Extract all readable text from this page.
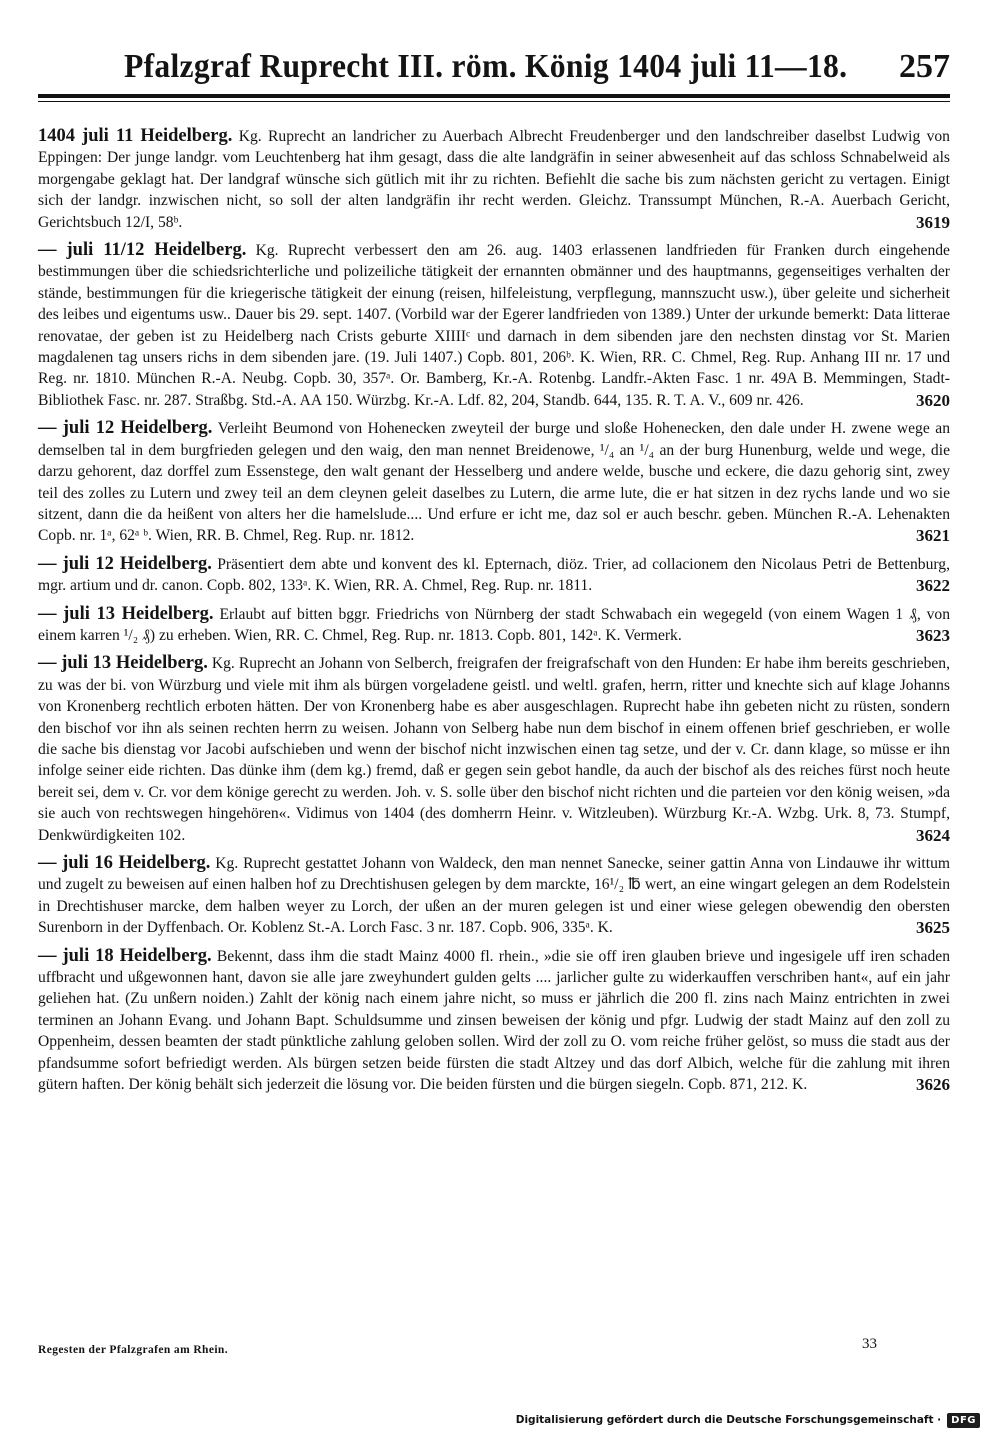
Pfalzgraf Ruprecht III. röm. König 1404 juli 11—18. 257
1404 juli 11 Heidelberg. Kg. Ruprecht an landricher zu Auerbach Albrecht Freudenberger und den landschreiber daselbst Ludwig von Eppingen: Der junge landgr. vom Leuchtenberg hat ihm gesagt, dass die alte landgräfin in seiner abwesenheit auf das schloss Schnabelweid als morgengabe geklagt hat. Der landgraf wünsche sich gütlich mit ihr zu richten. Befiehlt die sache bis zum nächsten gericht zu vertagen. Einigt sich der landgr. inzwischen nicht, so soll der alten landgräfin ihr recht werden. Gleichz. Transsumpt München, R.-A. Auerbach Gericht, Gerichtsbuch 12/I, 58ᵇ.	3619
— juli 11/12 Heidelberg. Kg. Ruprecht verbessert den am 26. aug. 1403 erlassenen landfrieden für Franken durch eingehende bestimmungen über die schiedsrichterliche und polizeiliche tätigkeit der ernannten obmänner und des hauptmanns, gegenseitiges verhalten der stände, bestimmungen für die kriegerische tätigkeit der einung (reisen, hilfeleistung, verpflegung, mannszucht usw.), über geleite und sicherheit des leibes und eigentums usw.. Dauer bis 29. sept. 1407. (Vorbild war der Egerer landfrieden von 1389.) Unter der urkunde bemerkt: Data litterae renovatae, der geben ist zu Heidelberg nach Crists geburte XIIIIᶜ und darnach in dem sibenden jare den nechsten dinstag vor St. Marien magdalenen tag unsers richs in dem sibenden jare. (19. Juli 1407.) Copb. 801, 206ᵇ. K. Wien, RR. C. Chmel, Reg. Rup. Anhang III nr. 17 und Reg. nr. 1810. München R.-A. Neubg. Copb. 30, 357ᵃ. Or. Bamberg, Kr.-A. Rotenbg. Landfr.-Akten Fasc. 1 nr. 49A B. Memmingen, Stadt-Bibliothek Fasc. nr. 287. Straßbg. Std.-A. AA 150. Würzbg. Kr.-A. Ldf. 82, 204, Standb. 644, 135. R. T. A. V., 609 nr. 426.	3620
— juli 12 Heidelberg. Verleiht Beumond von Hohenecken zweyteil der burge und sloße Hohenecken, den dale under H. zwene wege an demselben tal in dem burgfrieden gelegen und den waig, den man nennet Breidenowe, ¹/₄ an ¹/₄ an der burg Hunenburg, welde und wege, die darzu gehorent, daz dorffel zum Essenstege, den walt genant der Hesselberg und andere welde, busche und eckere, die dazu gehorig sint, zwey teil des zolles zu Lutern und zwey teil an dem cleynen geleit daselbes zu Lutern, die arme lute, die er hat sitzen in dez rychs lande und wo sie sitzent, dann die da heißent von alters her die hamelslude.... Und erfure er icht me, daz sol er auch beschr. geben. München R.-A. Lehenakten Copb. nr. 1ᵃ, 62ᵃ ᵇ. Wien, RR. B. Chmel, Reg. Rup. nr. 1812.	3621
— juli 12 Heidelberg. Präsentiert dem abte und konvent des kl. Epternach, diöz. Trier, ad collacionem den Nicolaus Petri de Bettenburg, mgr. artium und dr. canon. Copb. 802, 133ᵃ. K. Wien, RR. A. Chmel, Reg. Rup. nr. 1811.	3622
— juli 13 Heidelberg. Erlaubt auf bitten bggr. Friedrichs von Nürnberg der stadt Schwabach ein wegegeld (von einem Wagen 1 ₰, von einem karren ¹/₂ ₰) zu erheben. Wien, RR. C. Chmel, Reg. Rup. nr. 1813. Copb. 801, 142ᵃ. K. Vermerk.	3623
— juli 13 Heidelberg. Kg. Ruprecht an Johann von Selberch, freigrafen der freigrafschaft von den Hunden: Er habe ihm bereits geschrieben, zu was der bi. von Würzburg und viele mit ihm als bürgen vorgeladene geistl. und weltl. grafen, herrn, ritter und knechte sich auf klage Johanns von Kronenberg rechtlich erboten hätten. Der von Kronenberg habe es aber ausgeschlagen. Ruprecht habe ihn gebeten nicht zu rüsten, sondern den bischof vor ihn als seinen rechten herrn zu weisen. Johann von Selberg habe nun dem bischof in einem offenen brief geschrieben, er wolle die sache bis dienstag vor Jacobi aufschieben und wenn der bischof nicht inzwischen einen tag setze, und der v. Cr. dann klage, so müsse er ihn infolge seiner eide richten. Das dünke ihm (dem kg.) fremd, daß er gegen sein gebot handle, da auch der bischof als des reiches fürst noch heute bereit sei, dem v. Cr. vor dem könige gerecht zu werden. Joh. v. S. solle über den bischof nicht richten und die parteien vor den könig weisen, »da sie auch von rechtswegen hingehören«. Vidimus von 1404 (des domherrn Heinr. v. Witzleuben). Würzburg Kr.-A. Wzbg. Urk. 8, 73. Stumpf, Denkwürdigkeiten 102.	3624
— juli 16 Heidelberg. Kg. Ruprecht gestattet Johann von Waldeck, den man nennet Sanecke, seiner gattin Anna von Lindauwe ihr wittum und zugelt zu beweisen auf einen halben hof zu Drechtishusen gelegen by dem marckte, 16¹/₂ ℔ wert, an eine wingart gelegen an dem Rodelstein in Drechtishuser marcke, dem halben weyer zu Lorch, der ußen an der muren gelegen ist und einer wiese gelegen obewendig den obersten Surenborn in der Dyffenbach. Or. Koblenz St.-A. Lorch Fasc. 3 nr. 187. Copb. 906, 335ᵃ. K.	3625
— juli 18 Heidelberg. Bekennt, dass ihm die stadt Mainz 4000 fl. rhein., »die sie off iren glauben brieve und ingesigele uff iren schaden uffbracht und ußgewonnen hant, davon sie alle jare zweyhundert gulden gelts .... jarlicher gulte zu widerkauffen verschriben hant«, auf ein jahr geliehen hat. (Zu unßern noiden.) Zahlt der könig nach einem jahre nicht, so muss er jährlich die 200 fl. zins nach Mainz entrichten in zwei terminen an Johann Evang. und Johann Bapt. Schuldsumme und zinsen beweisen der könig und pfgr. Ludwig der stadt Mainz auf den zoll zu Oppenheim, dessen beamten der stadt pünktliche zahlung geloben sollen. Wird der zoll zu O. vom reiche früher gelöst, so muss die stadt aus der pfandsumme sofort befriedigt werden. Als bürgen setzen beide fürsten die stadt Altzey und das dorf Albich, welche für die zahlung mit ihren gütern haften. Der könig behält sich jederzeit die lösung vor. Die beiden fürsten und die bürgen siegeln. Copb. 871, 212. K.	3626
Regesten der Pfalzgrafen am Rhein.	33
Digitalisierung gefördert durch die Deutsche Forschungsgemeinschaft ·	DFG
